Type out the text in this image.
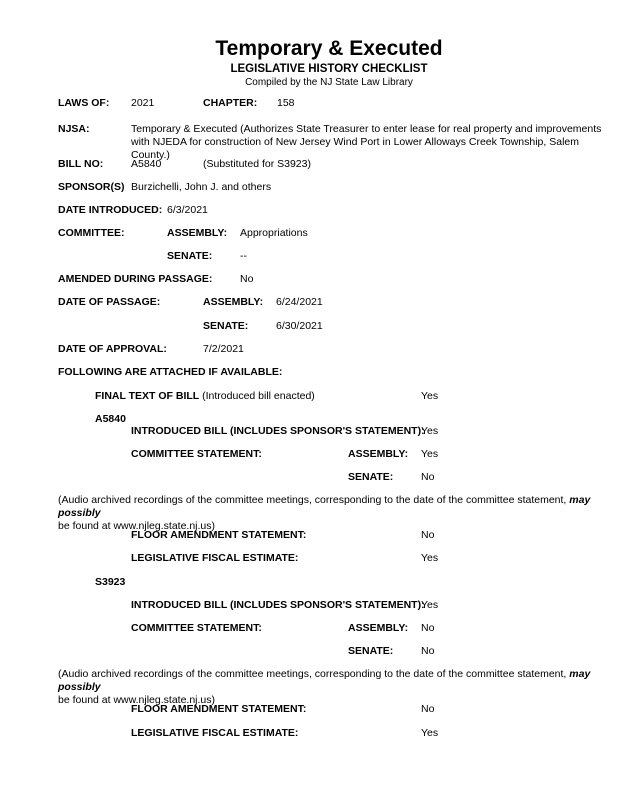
Temporary & Executed
LEGISLATIVE HISTORY CHECKLIST
Compiled by the NJ State Law Library
LAWS OF: 2021	CHAPTER: 158
NJSA:	Temporary & Executed (Authorizes State Treasurer to enter lease for real property and improvements with NJEDA for construction of New Jersey Wind Port in Lower Alloways Creek Township, Salem County.)
BILL NO:	A5840	(Substituted for S3923)
SPONSOR(S) Burzichelli, John J. and others
DATE INTRODUCED: 6/3/2021
COMMITTEE:	ASSEMBLY: Appropriations
SENATE:	--
AMENDED DURING PASSAGE:	No
DATE OF PASSAGE:	ASSEMBLY: 6/24/2021
SENATE:	6/30/2021
DATE OF APPROVAL:	7/2/2021
FOLLOWING ARE ATTACHED IF AVAILABLE:
FINAL TEXT OF BILL (Introduced bill enacted)	Yes
A5840
INTRODUCED BILL (INCLUDES SPONSOR'S STATEMENT):
Yes
COMMITTEE STATEMENT:	ASSEMBLY: Yes
SENATE:	No
(Audio archived recordings of the committee meetings, corresponding to the date of the committee statement, may possibly
be found at www.njleg.state.nj.us)
FLOOR AMENDMENT STATEMENT:	No
LEGISLATIVE FISCAL ESTIMATE:	Yes
S3923
INTRODUCED BILL (INCLUDES SPONSOR'S STATEMENT):
Yes
COMMITTEE STATEMENT:	ASSEMBLY: No
SENATE:	No
(Audio archived recordings of the committee meetings, corresponding to the date of the committee statement, may possibly
be found at www.njleg.state.nj.us)
FLOOR AMENDMENT STATEMENT:	No
LEGISLATIVE FISCAL ESTIMATE:	Yes
